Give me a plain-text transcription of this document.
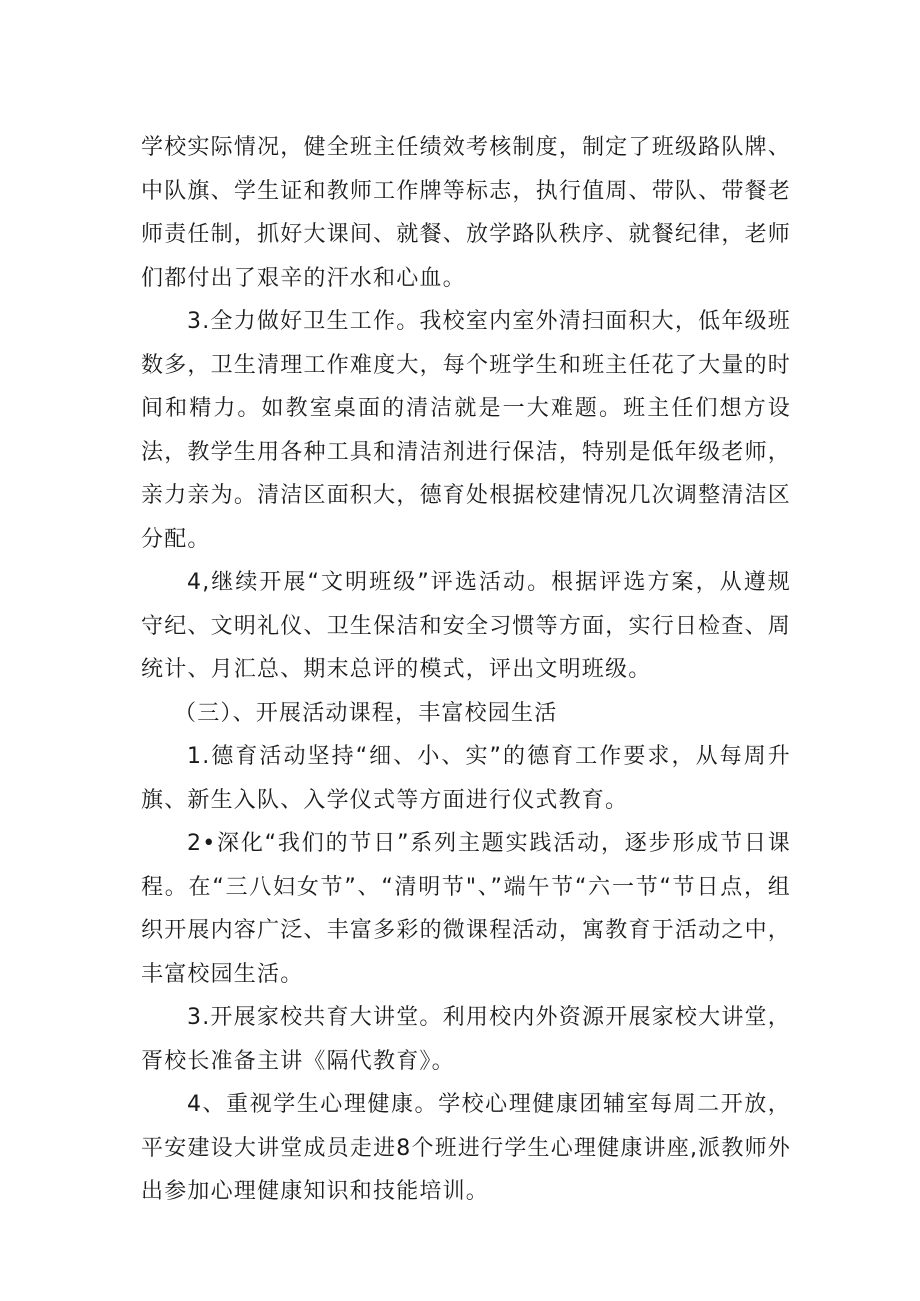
学校实际情况，健全班主任绩效考核制度，制定了班级路队牌、中队旗、学生证和教师工作牌等标志，执行值周、带队、带餐老师责任制，抓好大课间、就餐、放学路队秩序、就餐纪律，老师们都付出了艰辛的汗水和心血。

3.全力做好卫生工作。我校室内室外清扫面积大，低年级班数多，卫生清理工作难度大，每个班学生和班主任花了大量的时间和精力。如教室桌面的清洁就是一大难题。班主任们想方设法，教学生用各种工具和清洁剂进行保洁，特别是低年级老师，亲力亲为。清洁区面积大，德育处根据校建情况几次调整清洁区分配。

4,继续开展“文明班级”评选活动。根据评选方案，从遵规守纪、文明礼仪、卫生保洁和安全习惯等方面，实行日检查、周统计、月汇总、期末总评的模式，评出文明班级。

（三）、开展活动课程，丰富校园生活

1.德育活动坚持“细、小、实”的德育工作要求，从每周升旗、新生入队、入学仪式等方面进行仪式教育。

2•深化“我们的节日”系列主题实践活动，逐步形成节日课程。在“三八妇女节”、“清明节"、”端午节“六一节“节日点，组织开展内容广泛、丰富多彩的微课程活动，寓教育于活动之中，丰富校园生活。

3.开展家校共育大讲堂。利用校内外资源开展家校大讲堂，胥校长准备主讲《隔代教育》。

4、重视学生心理健康。学校心理健康团辅室每周二开放，平安建设大讲堂成员走进8个班进行学生心理健康讲座,派教师外出参加心理健康知识和技能培训。
